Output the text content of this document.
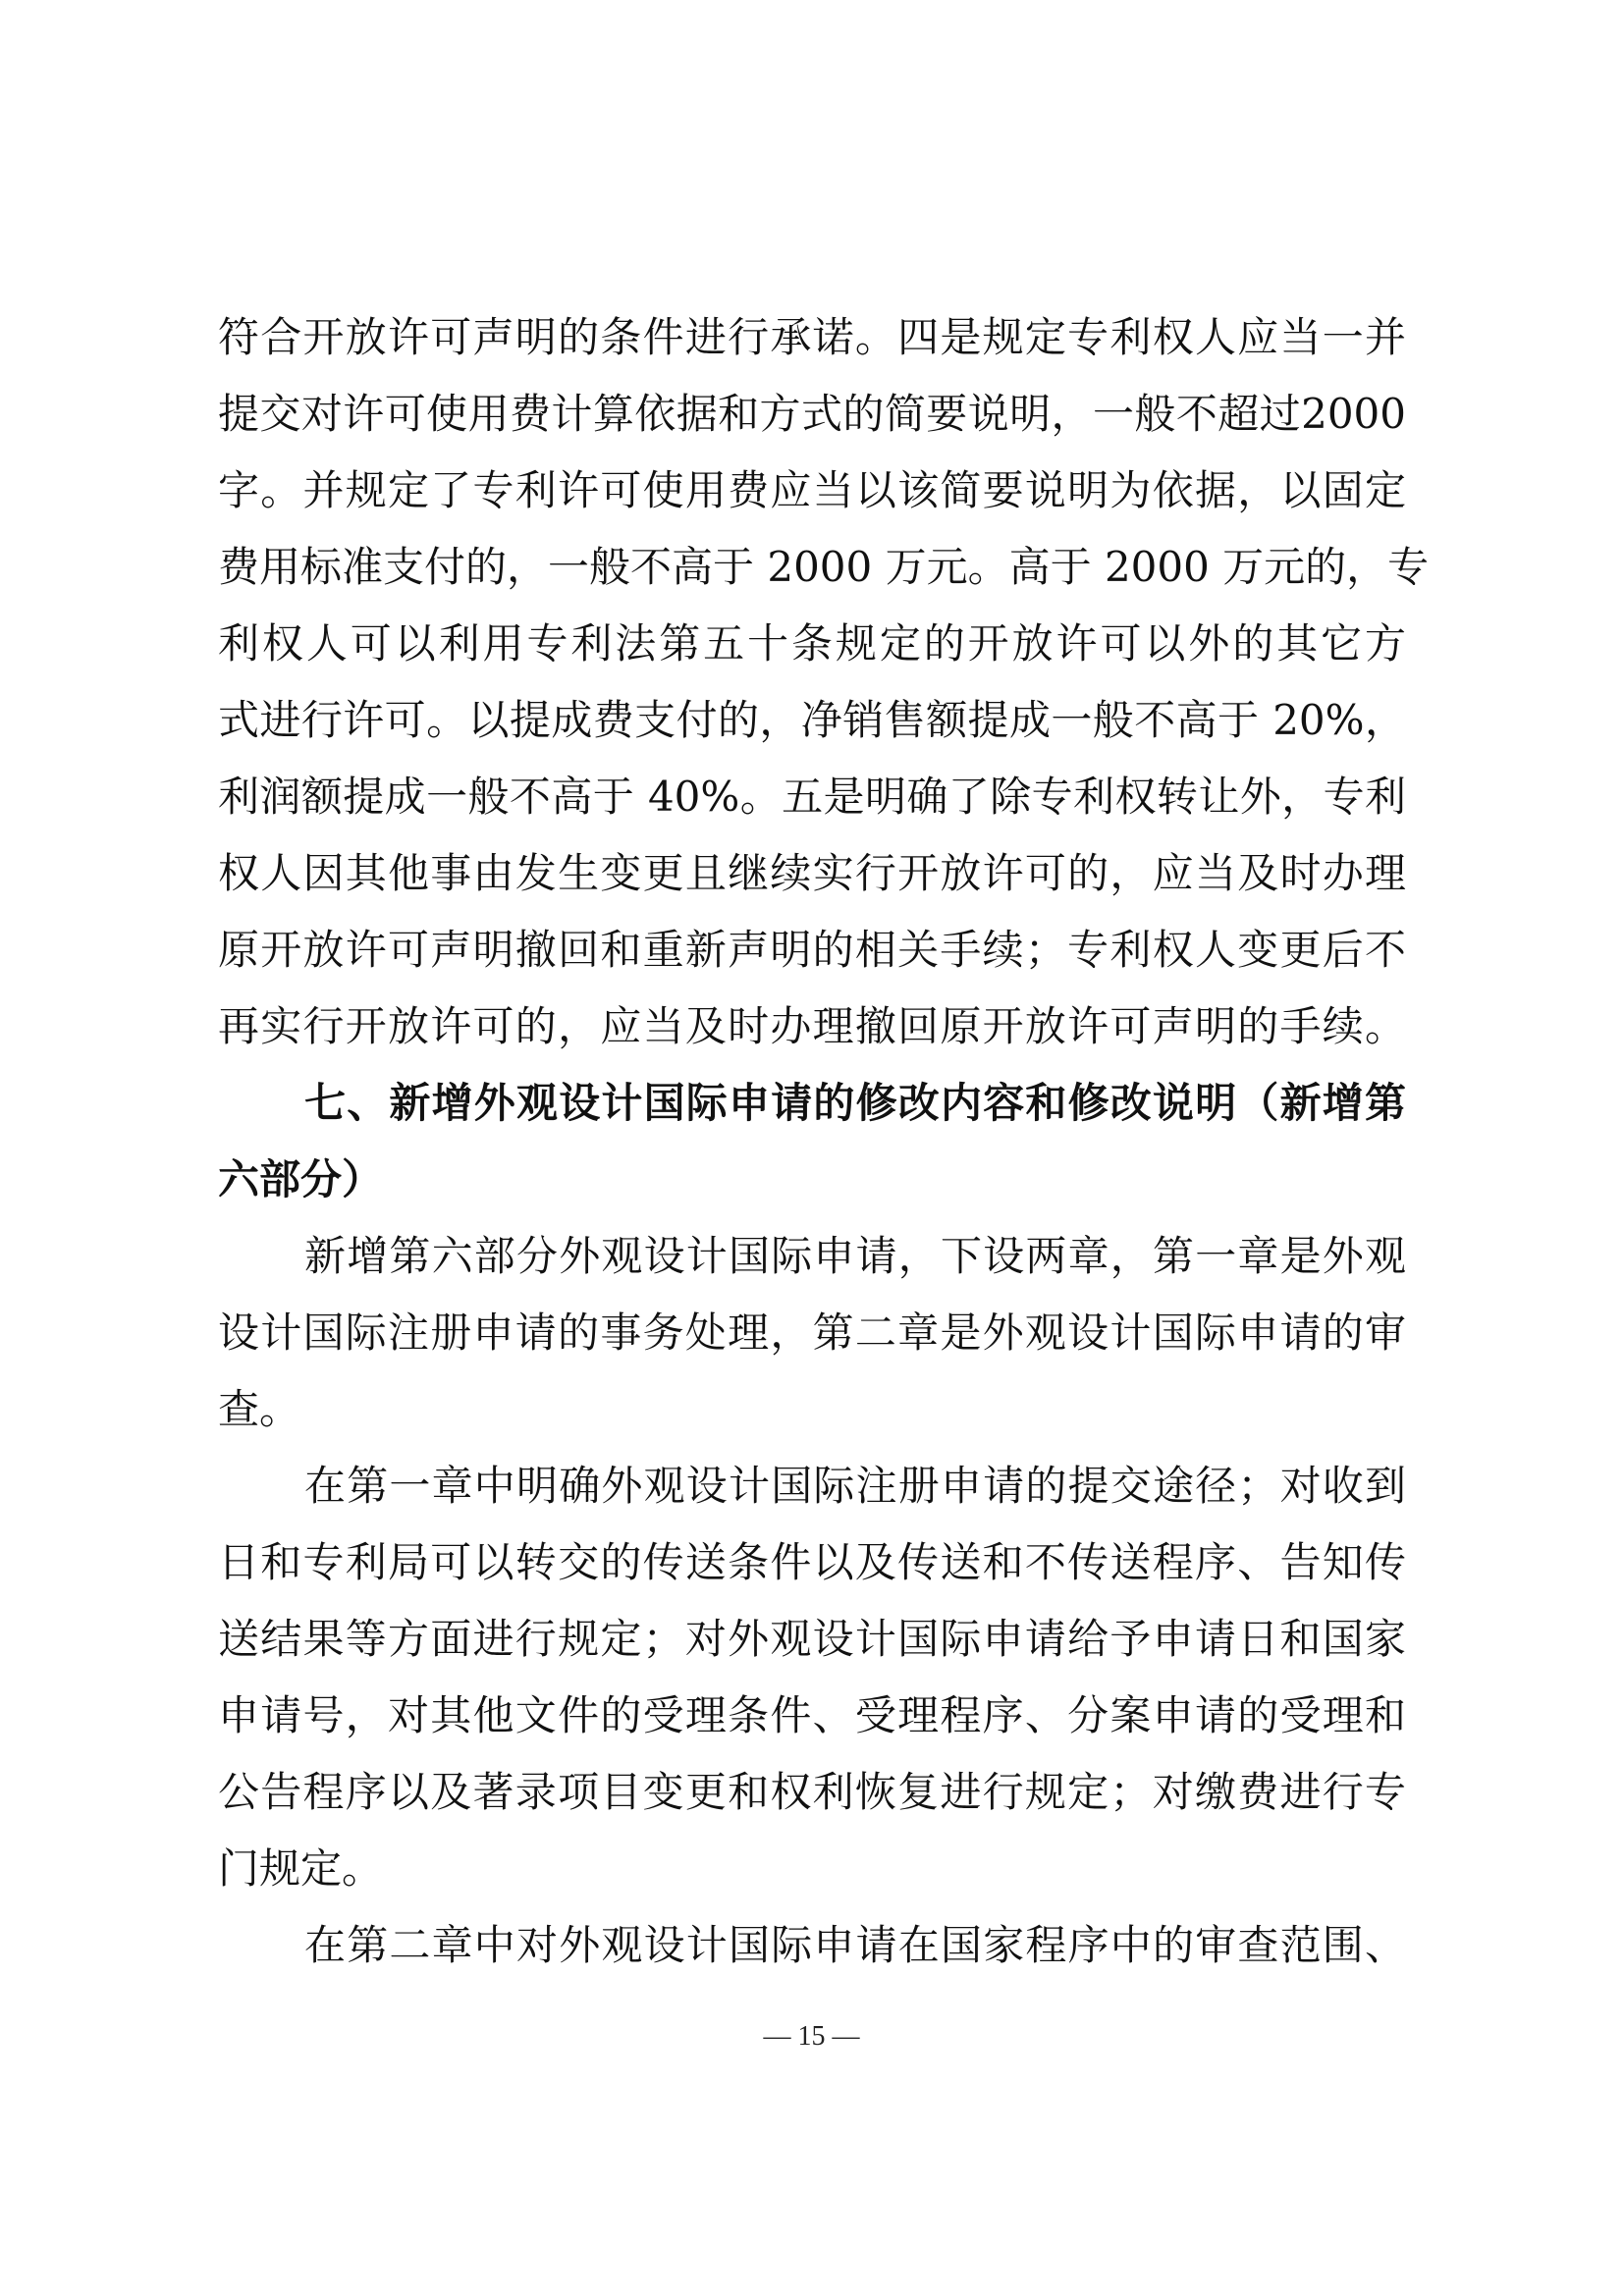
符合开放许可声明的条件进行承诺。四是规定专利权人应当一并
提交对许可使用费计算依据和方式的简要说明，一般不超过2000
字。并规定了专利许可使用费应当以该简要说明为依据，以固定
费用标准支付的，一般不高于 2000 万元。高于 2000 万元的，专
利权人可以利用专利法第五十条规定的开放许可以外的其它方
式进行许可。以提成费支付的，净销售额提成一般不高于 20%，
利润额提成一般不高于 40%。五是明确了除专利权转让外，专利
权人因其他事由发生变更且继续实行开放许可的，应当及时办理
原开放许可声明撤回和重新声明的相关手续；专利权人变更后不
再实行开放许可的，应当及时办理撤回原开放许可声明的手续。
七、新增外观设计国际申请的修改内容和修改说明（新增第
六部分）
新增第六部分外观设计国际申请，下设两章，第一章是外观
设计国际注册申请的事务处理，第二章是外观设计国际申请的审
查。
在第一章中明确外观设计国际注册申请的提交途径；对收到
日和专利局可以转交的传送条件以及传送和不传送程序、告知传
送结果等方面进行规定；对外观设计国际申请给予申请日和国家
申请号，对其他文件的受理条件、受理程序、分案申请的受理和
公告程序以及著录项目变更和权利恢复进行规定；对缴费进行专
门规定。
在第二章中对外观设计国际申请在国家程序中的审查范围、
— 15 —
